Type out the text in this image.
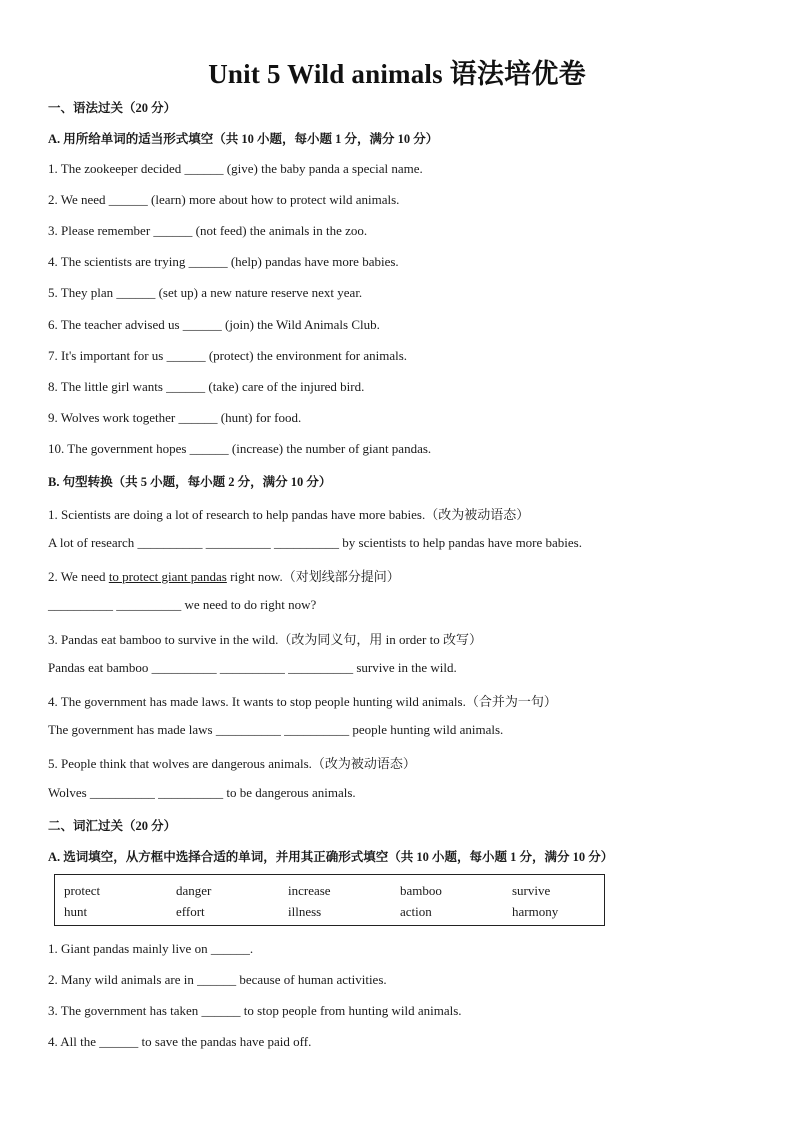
Unit 5 Wild animals 语法培优卷
一、语法过关（20 分）
A. 用所给单词的适当形式填空（共 10 小题，每小题 1 分，满分 10 分）
1. The zookeeper decided ______ (give) the baby panda a special name.
2. We need ______ (learn) more about how to protect wild animals.
3. Please remember ______ (not feed) the animals in the zoo.
4. The scientists are trying ______ (help) pandas have more babies.
5. They plan ______ (set up) a new nature reserve next year.
6. The teacher advised us ______ (join) the Wild Animals Club.
7. It's important for us ______ (protect) the environment for animals.
8. The little girl wants ______ (take) care of the injured bird.
9. Wolves work together ______ (hunt) for food.
10. The government hopes ______ (increase) the number of giant pandas.
B. 句型转换（共 5 小题，每小题 2 分，满分 10 分）
1. Scientists are doing a lot of research to help pandas have more babies.（改为被动语态）
A lot of research __________ __________ __________ by scientists to help pandas have more babies.
2. We need to protect giant pandas right now.（对划线部分提问）
__________ __________ we need to do right now?
3. Pandas eat bamboo to survive in the wild.（改为同义句，用 in order to 改写）
Pandas eat bamboo __________ __________ __________ survive in the wild.
4. The government has made laws. It wants to stop people hunting wild animals.（合并为一句）
The government has made laws __________ __________ people hunting wild animals.
5. People think that wolves are dangerous animals.（改为被动语态）
Wolves __________ __________ to be dangerous animals.
二、词汇过关（20 分）
A. 选词填空，从方框中选择合适的单词，并用其正确形式填空（共 10 小题，每小题 1 分，满分 10 分）
protect	danger	increase	bamboo	survive
hunt	effort	illness	action	harmony
1. Giant pandas mainly live on ______.
2. Many wild animals are in ______ because of human activities.
3. The government has taken ______ to stop people from hunting wild animals.
4. All the ______ to save the pandas have paid off.
